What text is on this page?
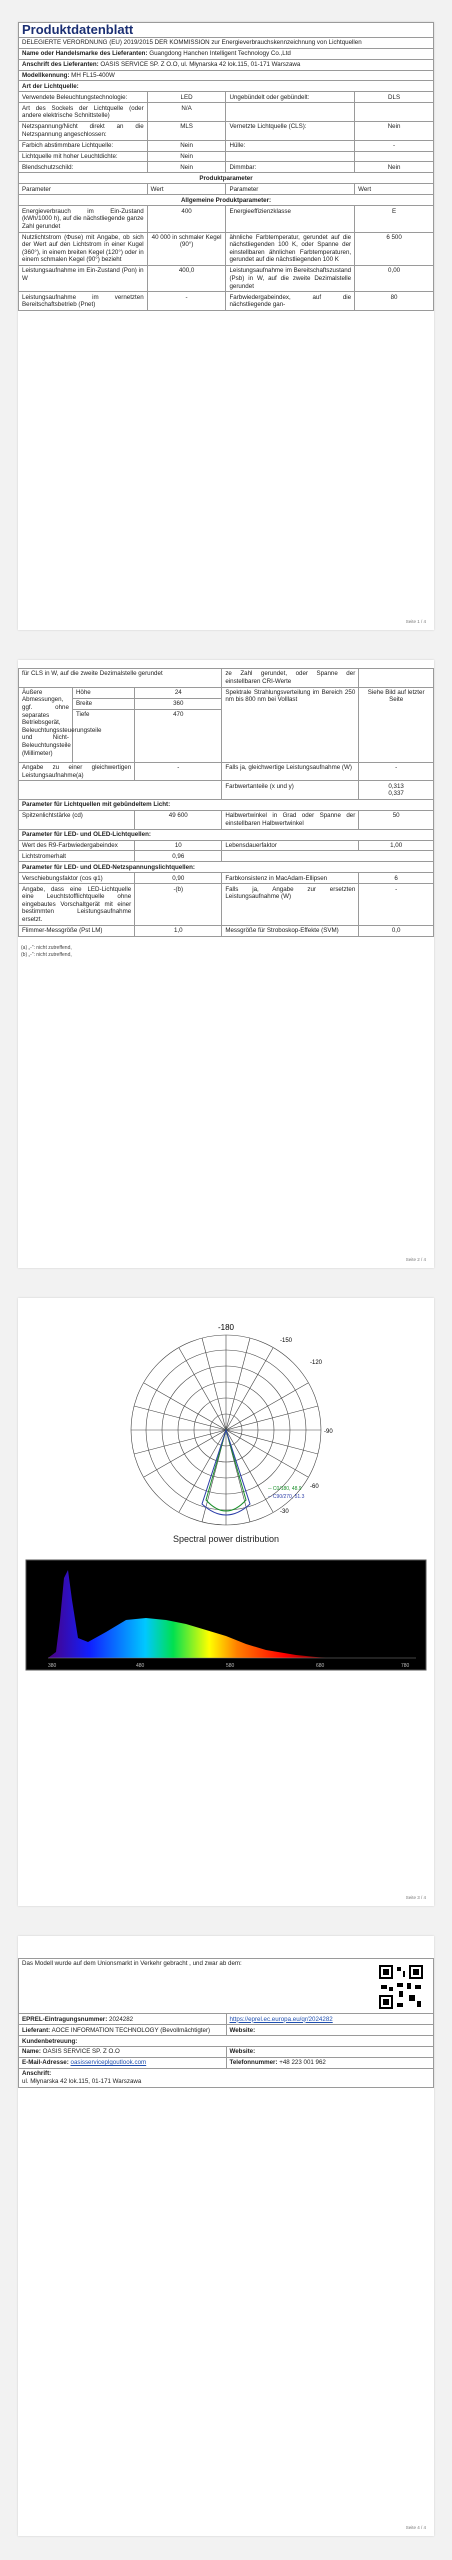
Produktdatenblatt			
DELEGIERTE VERORDNUNG (EU) 2019/2015 DER KOMMISSION zur Energieverbrauchskennzeichnung von Lichtquellen			
Name oder Handelsmarke des Lieferanten: Guangdong Hanchen Intelligent Technology Co.,Ltd			
Anschrift des Lieferanten: OASIS SERVICE SP. Z O.O, ul. Młynarska 42 lok.115, 01-171 Warszawa			
Modellkennung: MH FL15-400W			
Art der Lichtquelle:			
Verwendete Beleuchtungstechnologie:	LED	Ungebündelt oder gebündelt:	DLS
Art des Sockels der Lichtquelle (oder andere elektrische Schnittstelle)	N/A		
Netzspannung/Nicht direkt an die Netzspannung angeschlossen:	MLS	Vernetzte Lichtquelle (CLS):	Nein
Farbich abstimmbare Lichtquelle:	Nein	Hülle:	-
Lichtquelle mit hoher Leuchtdichte:	Nein		
Blendschutzschild:	Nein	Dimmbar:	Nein
Produktparameter			
Parameter	Wert	Parameter	Wert
Allgemeine Produktparameter:			
Energieverbrauch im Ein-Zustand (kWh/1000 h), auf die nächstliegende ganze Zahl gerundet	400	Energieeffizienzklasse	E
Nutzlichtstrom (Φuse) mit Angabe, ob sich der Wert auf den Lichtstrom in einer Kugel (360°), in einem breiten Kegel (120°) oder in einem schmalen Kegel (90°) bezieht	40 000 in schmaler Kegel (90°)	ähnliche Farbtemperatur, gerundet auf die nächstliegenden 100 K, oder Spanne der einstellbaren ähnlichen Farbtemperaturen, gerundet auf die nächstliegenden 100 K	6 500
Leistungsaufnahme im Ein-Zustand (Pon) in W	400,0	Leistungsaufnahme im Bereitschaftszustand (Psb) in W, auf die zweite Dezimalstelle gerundet	0,00
Leistungsaufnahme im vernetzten Bereitschaftsbetrieb (Pnet)	-	Farbwiedergabeindex, auf die nächstliegende gan-	80
Seite 1 / 4
für CLS in W, auf die zweite Dezimalstelle gerundet			ze Zahl gerundet, oder Spanne der einstellbaren CRI-Werte	
Äußere Abmessungen, ggf. ohne separates Betriebsgerät, Beleuchtungssteuerungsteile und Nicht-Beleuchtungsteile (Millimeter)	Höhe	24	Spektrale Strahlungsverteilung im Bereich 250 nm bis 800 nm bei Volllast	Siehe Bild auf letzter Seite
	Breite	360		
	Tiefe	470		
Angabe zu einer gleichwertigen Leistungsaufnahme(a)		-	Falls ja, gleichwertige Leistungsaufnahme (W)	-
			Farbwertanteile (x und y)	0,313
0,337
Parameter für Lichtquellen mit gebündeltem Licht:				
Spitzenlichtstärke (cd)		49 600	Halbwertwinkel in Grad oder Spanne der einstellbaren Halbwertwinkel	50
Parameter für LED- und OLED-Lichtquellen:				
Wert des R9-Farbwiedergabeindex		10	Lebensdauerfaktor	1,00
Lichtstromerhalt		0,96		
Parameter für LED- und OLED-Netzspannungslichtquellen:				
Verschiebungsfaktor (cos φ1)		0,90	Farbkonsistenz in MacAdam-Ellipsen	6
Angabe, dass eine LED-Lichtquelle eine Leuchtstofflichtquelle ohne eingebautes Vorschaltgerät mit einer bestimmten Leistungsaufnahme ersetzt.		-(b)	Falls ja, Angabe zur ersetzten Leistungsaufnahme (W)	-
Flimmer-Messgröße (Pst LM)		1,0	Messgröße für Stroboskop-Effekte (SVM)	0,0
(a) „-“: nicht zutreffend,
(b) „-“: nicht zutreffend,
Seite 2 / 4
-180
-150
-120
-90
-60
-30
─ C0/180, 48.9
─ C90/270, 51.3
Spectral power distribution
380	480	580	680	780
Seite 3 / 4
Das Modell wurde auf dem Unionsmarkt in Verkehr gebracht , und zwar ab dem:	

EPREL-Eintragungsnummer: 2024282	https://eprel.ec.europa.eu/qr/2024282
Lieferant: AOCE INFORMATION TECHNOLOGY (Bevollmächtigter)	Website:
Kundenbetreuung:	
Name: OASIS SERVICE SP. Z O.O	Website:
E-Mail-Adresse: oasisserviceplgoutlook.com	Telefonnummer: +48 223 001 962
Anschrift:
ul. Młynarska 42 lok.115, 01-171 Warszawa	
Seite 4 / 4
